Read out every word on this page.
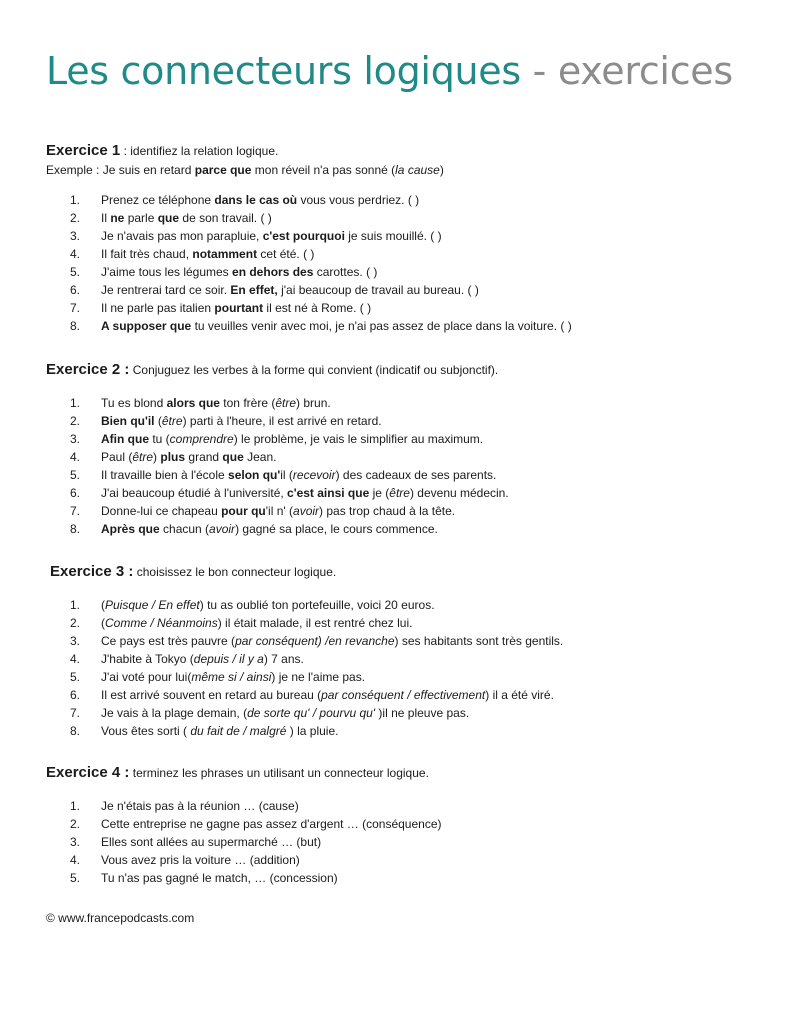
Les connecteurs logiques - exercices
Exercice 1 : identifiez la relation logique.
Exemple : Je suis en retard parce que mon réveil n'a pas sonné (la cause)
1. Prenez ce téléphone dans le cas où vous vous perdriez. ( )
2. Il ne parle que de son travail. ( )
3. Je n'avais pas mon parapluie, c'est pourquoi je suis mouillé. ( )
4. Il fait très chaud, notamment cet été. ( )
5. J'aime tous les légumes en dehors des carottes. ( )
6. Je rentrerai tard ce soir. En effet, j'ai beaucoup de travail au bureau. ( )
7. Il ne parle pas italien pourtant il est né à Rome. ( )
8. A supposer que tu veuilles venir avec moi, je n'ai pas assez de place dans la voiture. ( )
Exercice 2 : Conjuguez les verbes à la forme qui convient (indicatif ou subjonctif).
1. Tu es blond alors que ton frère (être) brun.
2. Bien qu'il (être) parti à l'heure, il est arrivé en retard.
3. Afin que tu (comprendre) le problème, je vais le simplifier au maximum.
4. Paul (être) plus grand que Jean.
5. Il travaille bien à l'école selon qu'il (recevoir) des cadeaux de ses parents.
6. J'ai beaucoup étudié à l'université, c'est ainsi que je (être) devenu médecin.
7. Donne-lui ce chapeau pour qu'il n' (avoir) pas trop chaud à la tête.
8. Après que chacun (avoir) gagné sa place, le cours commence.
Exercice 3 : choisissez le bon connecteur logique.
1. (Puisque / En effet) tu as oublié ton portefeuille, voici 20 euros.
2. (Comme / Néanmoins) il était malade, il est rentré chez lui.
3. Ce pays est très pauvre (par conséquent) /en revanche) ses habitants sont très gentils.
4. J'habite à Tokyo (depuis / il y a) 7 ans.
5. J'ai voté pour lui(même si / ainsi) je ne l'aime pas.
6. Il est arrivé souvent en retard au bureau (par conséquent / effectivement) il a été viré.
7. Je vais à la plage demain, (de sorte qu' / pourvu qu' )il ne pleuve pas.
8. Vous êtes sorti ( du fait de / malgré ) la pluie.
Exercice 4 : terminez les phrases un utilisant un connecteur logique.
1. Je n'étais pas à la réunion … (cause)
2. Cette entreprise ne gagne pas assez d'argent … (conséquence)
3. Elles sont allées au supermarché … (but)
4. Vous avez pris la voiture … (addition)
5. Tu n'as pas gagné le match, … (concession)
© www.francepodcasts.com
